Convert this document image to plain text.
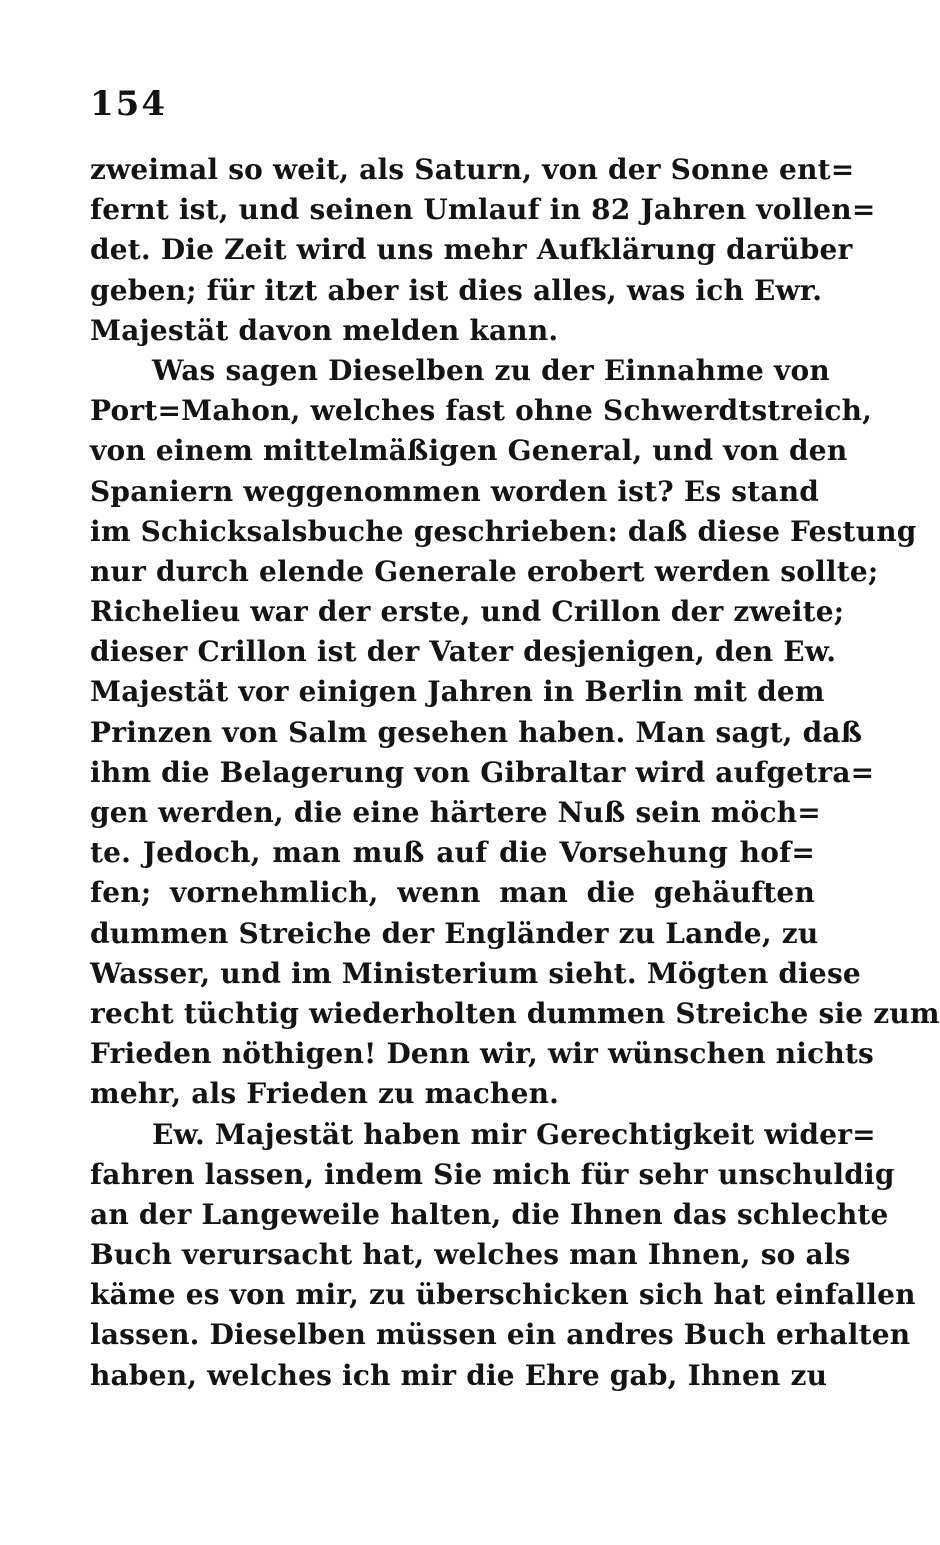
154
zweimal so weit, als Saturn, von der Sonne ent=
fernt ist, und seinen Umlauf in 82 Jahren vollen=
det. Die Zeit wird uns mehr Aufklärung darüber
geben; für itzt aber ist dies alles, was ich Ewr.
Majestät davon melden kann.
Was sagen Dieselben zu der Einnahme von
Port=Mahon, welches fast ohne Schwerdtstreich,
von einem mittelmäßigen General, und von den
Spaniern weggenommen worden ist? Es stand
im Schicksalsbuche geschrieben: daß diese Festung
nur durch elende Generale erobert werden sollte;
Richelieu war der erste, und Crillon der zweite;
dieser Crillon ist der Vater desjenigen, den Ew.
Majestät vor einigen Jahren in Berlin mit dem
Prinzen von Salm gesehen haben. Man sagt, daß
ihm die Belagerung von Gibraltar wird aufgetra=
gen werden, die eine härtere Nuß sein möch=
te. Jedoch, man muß auf die Vorsehung hof=
fen; vornehmlich, wenn man die gehäuften
dummen Streiche der Engländer zu Lande, zu
Wasser, und im Ministerium sieht. Mögten diese
recht tüchtig wiederholten dummen Streiche sie zum
Frieden nöthigen! Denn wir, wir wünschen nichts
mehr, als Frieden zu machen.
Ew. Majestät haben mir Gerechtigkeit wider=
fahren lassen, indem Sie mich für sehr unschuldig
an der Langeweile halten, die Ihnen das schlechte
Buch verursacht hat, welches man Ihnen, so als
käme es von mir, zu überschicken sich hat einfallen
lassen. Dieselben müssen ein andres Buch erhalten
haben, welches ich mir die Ehre gab, Ihnen zu
